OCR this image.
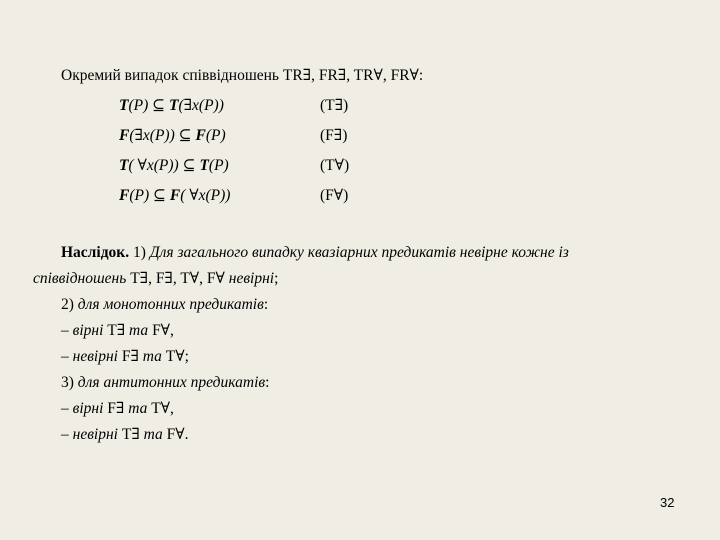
Окремий випадок співвідношень TR∃, FR∃, TR∀, FR∀:
T(P) ⊆ T(∃x(P))	(T∃)
F(∃x(P)) ⊆ F(P)	(F∃)
T( ∀x(P)) ⊆ T(P)	(T∀)
F(P) ⊆ F( ∀x(P))	(F∀)
Наслідок. 1) Для загального випадку квазіарних предикатів невірне кожне із
співвідношень T∃, F∃, T∀, F∀ невірні;
2) для монотонних предикатів:
– вірні T∃ та F∀,
– невірні F∃ та T∀;
3) для антитонних предикатів:
– вірні F∃ та T∀,
– невірні T∃ та F∀.
32
